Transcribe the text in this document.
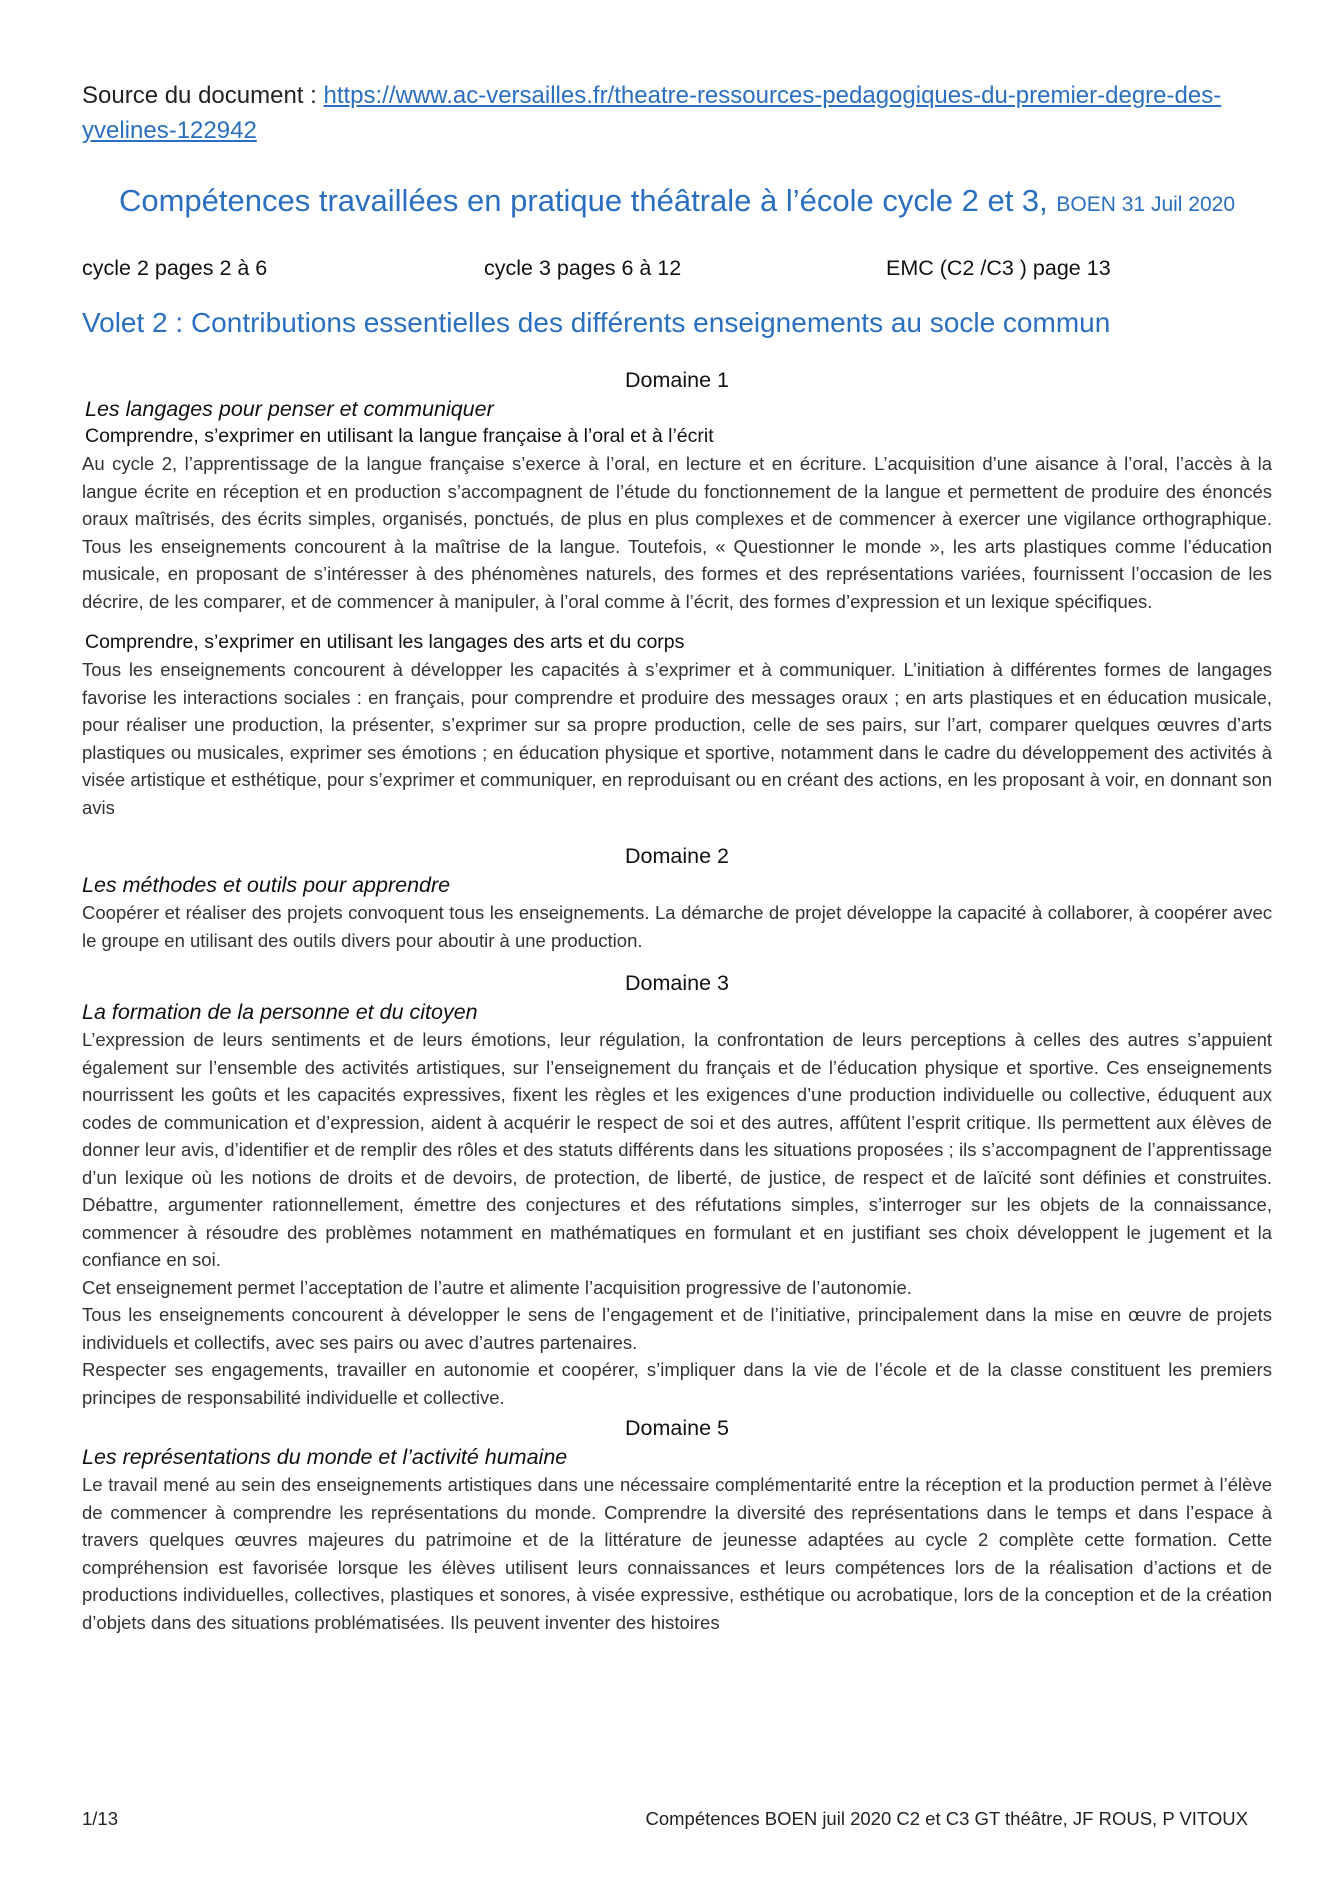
Source du document : https://www.ac-versailles.fr/theatre-ressources-pedagogiques-du-premier-degre-des-yvelines-122942

Compétences travaillées en pratique théâtrale à l’école cycle 2 et 3, BOEN 31 Juil 2020
cycle 2 pages 2 à 6	cycle 3 pages 6 à 12	EMC (C2 /C3 ) page 13
Volet 2 : Contributions essentielles des différents enseignements au socle commun
Domaine 1

Les langages pour penser et communiquer

Comprendre, s’exprimer en utilisant la langue française à l’oral et à l’écrit

Au cycle 2, l’apprentissage de la langue française s’exerce à l’oral, en lecture et en écriture. L’acquisition d’une aisance à l’oral, l’accès à la langue écrite en réception et en production s’accompagnent de l’étude du fonctionnement de la langue et permettent de produire des énoncés oraux maîtrisés, des écrits simples, organisés, ponctués, de plus en plus complexes et de commencer à exercer une vigilance orthographique. Tous les enseignements concourent à la maîtrise de la langue. Toutefois, « Questionner le monde », les arts plastiques comme l’éducation musicale, en proposant de s’intéresser à des phénomènes naturels, des formes et des représentations variées, fournissent l’occasion de les décrire, de les comparer, et de commencer à manipuler, à l’oral comme à l’écrit, des formes d’expression et un lexique spécifiques.

Comprendre, s’exprimer en utilisant les langages des arts et du corps

Tous les enseignements concourent à développer les capacités à s’exprimer et à communiquer. L’initiation à différentes formes de langages favorise les interactions sociales : en français, pour comprendre et produire des messages oraux ; en arts plastiques et en éducation musicale, pour réaliser une production, la présenter, s’exprimer sur sa propre production, celle de ses pairs, sur l’art, comparer quelques œuvres d’arts plastiques ou musicales, exprimer ses émotions ; en éducation physique et sportive, notamment dans le cadre du développement des activités à visée artistique et esthétique, pour s’exprimer et communiquer, en reproduisant ou en créant des actions, en les proposant à voir, en donnant son avis

Domaine 2

Les méthodes et outils pour apprendre

Coopérer et réaliser des projets convoquent tous les enseignements. La démarche de projet développe la capacité à collaborer, à coopérer avec le groupe en utilisant des outils divers pour aboutir à une production.

Domaine 3

La formation de la personne et du citoyen

L’expression de leurs sentiments et de leurs émotions, leur régulation, la confrontation de leurs perceptions à celles des autres s’appuient également sur l’ensemble des activités artistiques, sur l’enseignement du français et de l’éducation physique et sportive. Ces enseignements nourrissent les goûts et les capacités expressives, fixent les règles et les exigences d’une production individuelle ou collective, éduquent aux codes de communication et d’expression, aident à acquérir le respect de soi et des autres, affûtent l’esprit critique. Ils permettent aux élèves de donner leur avis, d’identifier et de remplir des rôles et des statuts différents dans les situations proposées ; ils s’accompagnent de l’apprentissage d’un lexique où les notions de droits et de devoirs, de protection, de liberté, de justice, de respect et de laïcité sont définies et construites. Débattre, argumenter rationnellement, émettre des conjectures et des réfutations simples, s’interroger sur les objets de la connaissance, commencer à résoudre des problèmes notamment en mathématiques en formulant et en justifiant ses choix développent le jugement et la confiance en soi.

Cet enseignement permet l’acceptation de l’autre et alimente l’acquisition progressive de l’autonomie.

Tous les enseignements concourent à développer le sens de l’engagement et de l’initiative, principalement dans la mise en œuvre de projets individuels et collectifs, avec ses pairs ou avec d’autres partenaires.

Respecter ses engagements, travailler en autonomie et coopérer, s’impliquer dans la vie de l’école et de la classe constituent les premiers principes de responsabilité individuelle et collective.

Domaine 5

Les représentations du monde et l’activité humaine

Le travail mené au sein des enseignements artistiques dans une nécessaire complémentarité entre la réception et la production permet à l’élève de commencer à comprendre les représentations du monde. Comprendre la diversité des représentations dans le temps et dans l’espace à travers quelques œuvres majeures du patrimoine et de la littérature de jeunesse adaptées au cycle 2 complète cette formation. Cette compréhension est favorisée lorsque les élèves utilisent leurs connaissances et leurs compétences lors de la réalisation d’actions et de productions individuelles, collectives, plastiques et sonores, à visée expressive, esthétique ou acrobatique, lors de la conception et de la création d’objets dans des situations problématisées. Ils peuvent inventer des histoires

1/13	Compétences BOEN juil 2020 C2 et C3 GT théâtre, JF ROUS, P VITOUX
